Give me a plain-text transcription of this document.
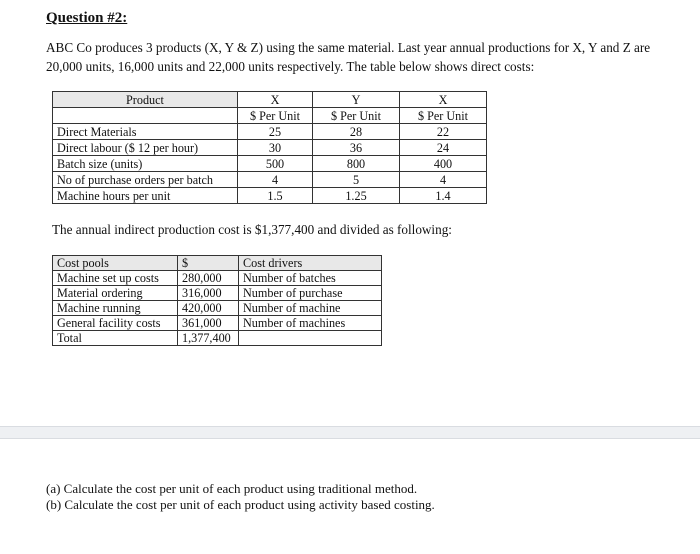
Question #2:
ABC Co produces 3 products (X, Y & Z) using the same material. Last year annual productions for X, Y and Z are 20,000 units, 16,000 units and 22,000 units respectively. The table below shows direct costs:
Product	X	Y	X
	$ Per Unit	$ Per Unit	$ Per Unit
Direct Materials	25	28	22
Direct labour ($ 12 per hour)	30	36	24
Batch size (units)	500	800	400
No of purchase orders per batch	4	5	4
Machine hours per unit	1.5	1.25	1.4
The annual indirect production cost is $1,377,400 and divided as following:
Cost pools	$	Cost drivers
Machine set up costs	280,000	Number of batches
Material ordering	316,000	Number of purchase
Machine running	420,000	Number of machine
General facility costs	361,000	Number of machines
Total	1,377,400	
(a) Calculate the cost per unit of each product using traditional method.
(b) Calculate the cost per unit of each product using activity based costing.
